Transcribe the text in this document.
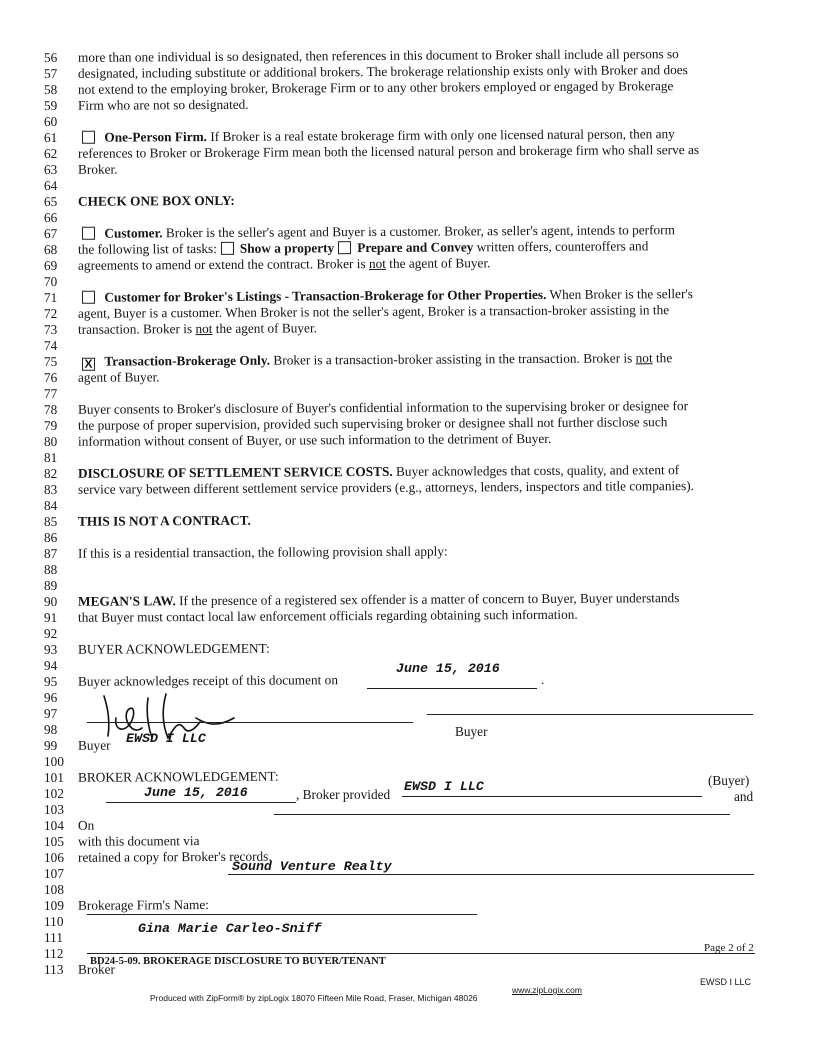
56 more than one individual is so designated, then references in this document to Broker shall include all persons so
57 designated, including substitute or additional brokers. The brokerage relationship exists only with Broker and does
58 not extend to the employing broker, Brokerage Firm or to any other brokers employed or engaged by Brokerage
59 Firm who are not so designated.
60
61	One-Person Firm. If Broker is a real estate brokerage firm with only one licensed natural person, then any
62 references to Broker or Brokerage Firm mean both the licensed natural person and brokerage firm who shall serve as
63 Broker.
64
65 CHECK ONE BOX ONLY:
66
67	Customer. Broker is the seller's agent and Buyer is a customer. Broker, as seller's agent, intends to perform
68 the following list of tasks: Show a property Prepare and Convey written offers, counteroffers and
69 agreements to amend or extend the contract. Broker is not the agent of Buyer.
70
71	Customer for Broker's Listings - Transaction-Brokerage for Other Properties. When Broker is the seller's
72 agent, Buyer is a customer. When Broker is not the seller's agent, Broker is a transaction-broker assisting in the
73 transaction. Broker is not the agent of Buyer.
74
75 X Transaction-Brokerage Only. Broker is a transaction-broker assisting in the transaction. Broker is not the
76 agent of Buyer.
77
78 Buyer consents to Broker's disclosure of Buyer's confidential information to the supervising broker or designee for
79 the purpose of proper supervision, provided such supervising broker or designee shall not further disclose such
80 information without consent of Buyer, or use such information to the detriment of Buyer.
81
82 DISCLOSURE OF SETTLEMENT SERVICE COSTS. Buyer acknowledges that costs, quality, and extent of
83 service vary between different settlement service providers (e.g., attorneys, lenders, inspectors and title companies).
84
85 THIS IS NOT A CONTRACT.
86
87 If this is a residential transaction, the following provision shall apply:
88
89
90 MEGAN'S LAW. If the presence of a registered sex offender is a matter of concern to Buyer, Buyer understands
91 that Buyer must contact local law enforcement officials regarding obtaining such information.
92
93 BUYER ACKNOWLEDGEMENT:
94
95 Buyer acknowledges receipt of this document on
June 15, 2016
.
96
97
98
99 Buyer	EWSD I LLC	Buyer
100
101 BROKER ACKNOWLEDGEMENT:
102
103
104 On
June 15, 2016	, Broker provided
EWSD I LLC	(Buyer)
and
105 with this document via
106 retained a copy for Broker's records.
107
108
109 Brokerage Firm's Name:
Sound Venture Realty
110
111
112
113 Broker
Gina Marie Carleo-Sniff
BD24-5-09. BROKERAGE DISCLOSURE TO BUYER/TENANT
Page 2 of 2
Produced with ZipForm® by zipLogix 18070 Fifteen Mile Road, Fraser, Michigan 48026
www.zipLogix.com
EWSD I LLC
